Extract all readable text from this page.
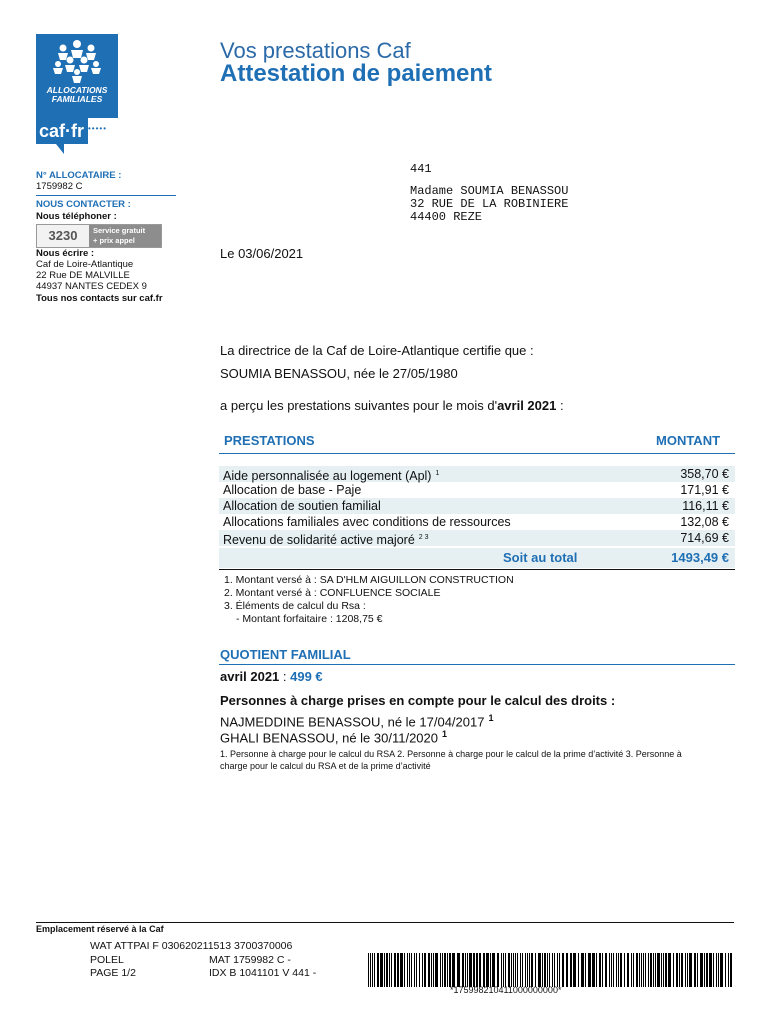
ALLOCATIONS
FAMILIALES
caf·fr •••••
Vos prestations Caf
Attestation de paiement
N° ALLOCATAIRE :
1759982 C
NOUS CONTACTER :
Nous téléphoner :
3230	Service gratuit
+ prix appel
Nous écrire :
Caf de Loire-Atlantique
22 Rue DE MALVILLE
44937 NANTES CEDEX 9
Tous nos contacts sur caf.fr
441
Madame SOUMIA BENASSOU
32 RUE DE LA ROBINIERE
44400 REZE
Le 03/06/2021
La directrice de la Caf de Loire-Atlantique certifie que :
SOUMIA BENASSOU, née le 27/05/1980
a perçu les prestations suivantes pour le mois d'avril 2021 :
PRESTATIONS	MONTANT
Aide personnalisée au logement (Apl) $^1$	358,70 €
Allocation de base - Paje	171,91 €
Allocation de soutien familial	116,11 €
Allocations familiales avec conditions de ressources	132,08 €
Revenu de solidarité active majoré $^{2 3}$	714,69 €
Soit au total	1493,49 €
1. Montant versé à : SA D'HLM AIGUILLON CONSTRUCTION
2. Montant versé à : CONFLUENCE SOCIALE
3. Éléments de calcul du Rsa :
- Montant forfaitaire : 1208,75 €
QUOTIENT FAMILIAL
avril 2021 : 499 €
Personnes à charge prises en compte pour le calcul des droits :
NAJMEDDINE BENASSOU, né le 17/04/2017 $^1$
GHALI BENASSOU, né le 30/11/2020 $^1$
1. Personne à charge pour le calcul du RSA 2. Personne à charge pour le calcul de la prime d’activité 3. Personne à
charge pour le calcul du RSA et de la prime d’activité
Emplacement réservé à la Caf
WAT ATTPAI F 030620211513 3700370006
POLEL	MAT 1759982 C -
PAGE 1/2	IDX B 1041101 V 441 -
*175998210411000000000*
